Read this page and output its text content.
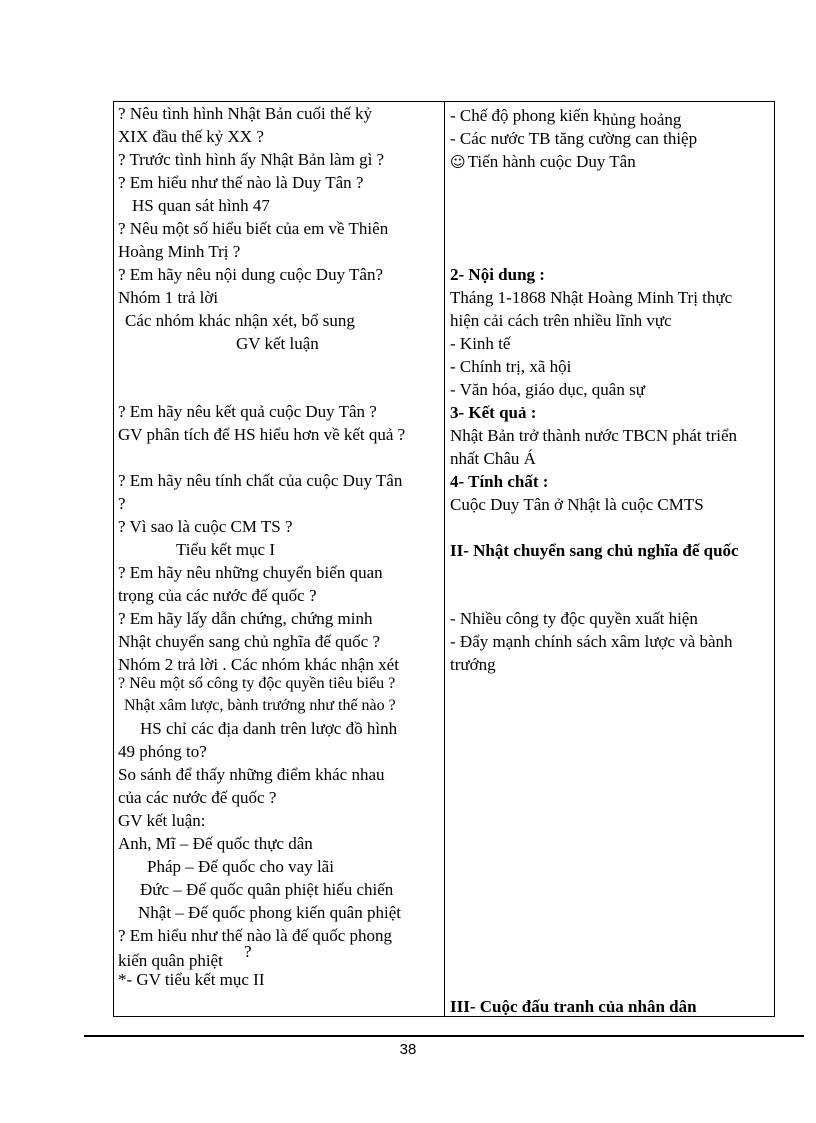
? Nêu tình hình Nhật Bản cuối thế kỷ
XIX đầu thế kỷ XX ?
? Trước tình hình ấy Nhật Bản làm gì ?
? Em hiểu như thế nào là Duy Tân ?
HS quan sát hình 47
? Nêu một số hiểu biết của em về Thiên
Hoàng Minh Trị ?
? Em hãy nêu nội dung cuộc Duy Tân?
Nhóm 1 trả lời
Các nhóm khác nhận xét, bổ sung
GV kết luận
? Em hãy nêu kết quả cuộc Duy Tân ?
GV phân tích để HS hiểu hơn về kết quả ?
? Em hãy nêu tính chất của cuộc Duy Tân
?
? Vì sao là cuộc CM TS ?
Tiểu kết mục I
? Em hãy nêu những chuyển biến quan
trọng của các nước đế quốc ?
? Em hãy lấy dẫn chứng, chứng minh
Nhật chuyển sang chủ nghĩa đế quốc ?
Nhóm 2 trả lời . Các nhóm khác nhận xét
? Nêu một số công ty độc quyền tiêu biểu ?
Nhật xâm lược, bành trướng như thế nào ?
HS chỉ các địa danh trên lược đồ hình
49 phóng to?
So sánh để thấy những điểm khác nhau
của các nước đế quốc ?
GV kết luận:
Anh, Mĩ – Đế quốc thực dân
Pháp – Đế quốc cho vay lãi
Đức – Đế quốc quân phiệt hiếu chiến
Nhật – Đế quốc phong kiến quân phiệt
? Em hiểu như thế nào là đế quốc phong
kiến quân phiệt ?
*- GV tiểu kết mục II
- Chế độ phong kiến khủng hoảng
- Các nước TB tăng cường can thiệp
☺ Tiến hành cuộc Duy Tân
2- Nội dung :
Tháng 1-1868 Nhật Hoàng Minh Trị thực
hiện cải cách trên nhiều lĩnh vực
- Kinh tế
- Chính trị, xã hội
- Văn hóa, giáo dục, quân sự
3- Kết quả :
Nhật Bản trở thành nước TBCN phát triển
nhất Châu Á
4- Tính chất :
Cuộc Duy Tân ở Nhật là cuộc CMTS
II- Nhật chuyển sang chủ nghĩa đế quốc
- Nhiều công ty độc quyền xuất hiện
- Đẩy mạnh chính sách xâm lược và bành
trướng
III- Cuộc đấu tranh của nhân dân
38
